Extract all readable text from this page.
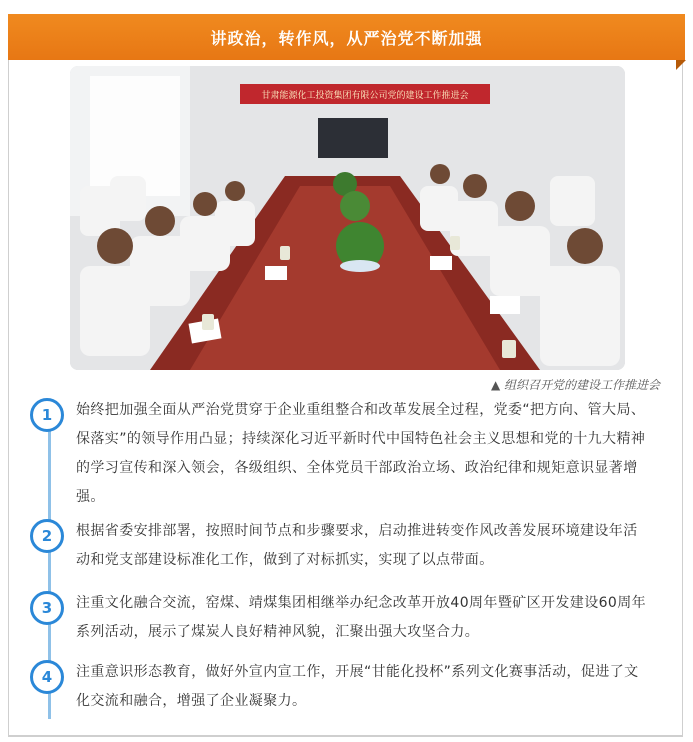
讲政治，转作风，从严治党不断加强
甘肃能源化工投资集团有限公司党的建设工作推进会
▲ 组织召开党的建设工作推进会
1	始终把加强全面从严治党贯穿于企业重组整合和改革发展全过程，党委“把方向、管大局、保落实”的领导作用凸显；持续深化习近平新时代中国特色社会主义思想和党的十九大精神的学习宣传和深入领会，各级组织、全体党员干部政治立场、政治纪律和规矩意识显著增强。
2	根据省委安排部署，按照时间节点和步骤要求，启动推进转变作风改善发展环境建设年活动和党支部建设标准化工作，做到了对标抓实，实现了以点带面。
3	注重文化融合交流，窑煤、靖煤集团相继举办纪念改革开放40周年暨矿区开发建设60周年系列活动，展示了煤炭人良好精神风貌，汇聚出强大攻坚合力。
4	注重意识形态教育，做好外宣内宣工作，开展“甘能化投杯”系列文化赛事活动，促进了文化交流和融合，增强了企业凝聚力。
